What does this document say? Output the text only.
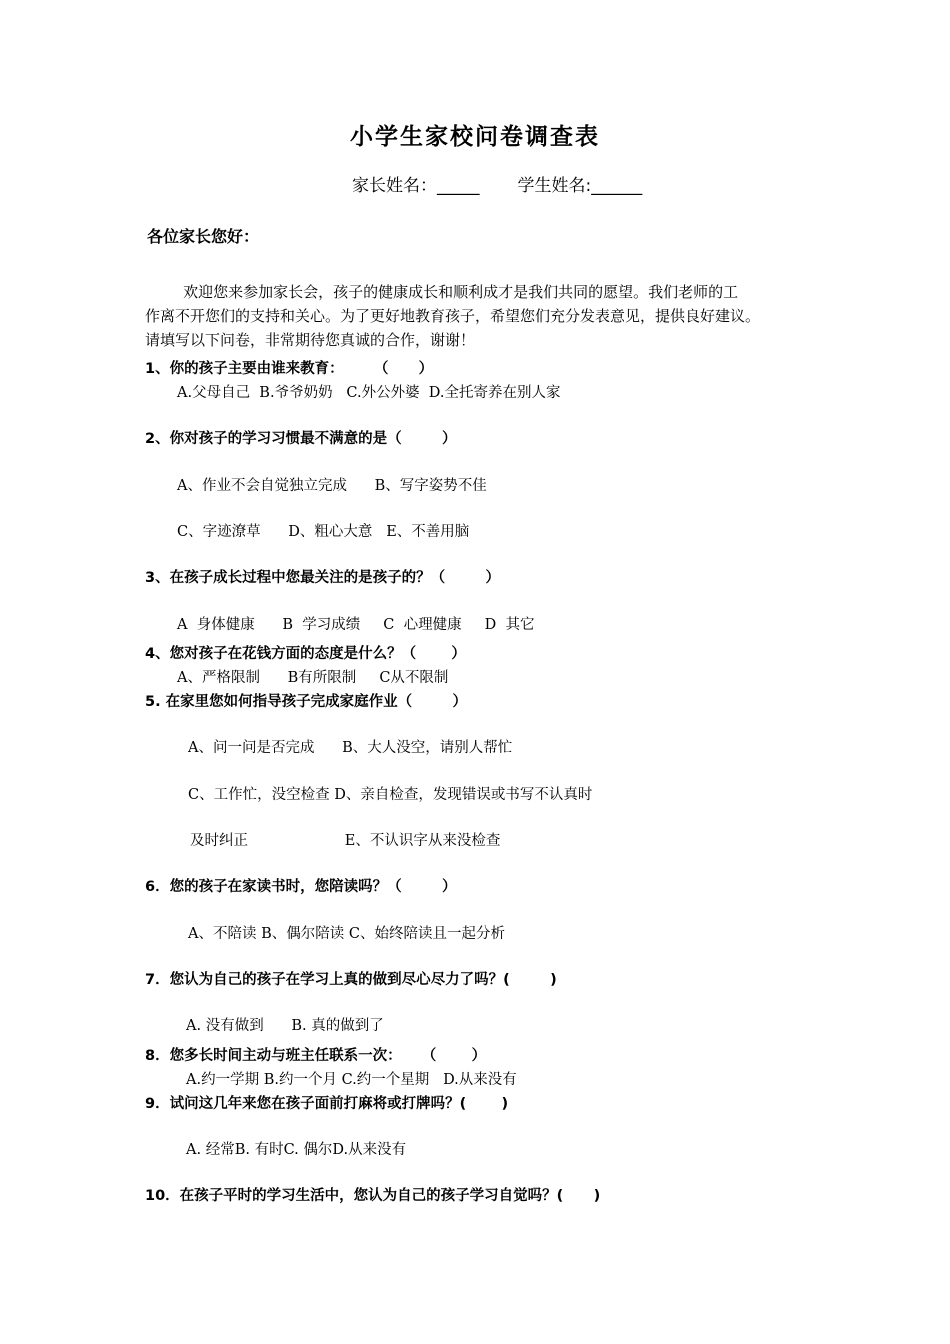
小学生家校问卷调查表
家长姓名：_____ 学生姓名:______
各位家长您好：
欢迎您来参加家长会，孩子的健康成长和顺利成才是我们共同的愿望。我们老师的工
作离不开您们的支持和关心。为了更好地教育孩子，希望您们充分发表意见，提供良好建议。
请填写以下问卷，非常期待您真诚的合作，谢谢！
1、你的孩子主要由谁来教育：      （      ）
A.父母自己  B.爷爷奶奶   C.外公外婆  D.全托寄养在别人家
2、你对孩子的学习习惯最不满意的是（        ）
A、作业不会自觉独立完成      B、写字姿势不佳
C、字迹潦草      D、粗心大意   E、不善用脑
3、在孩子成长过程中您最关注的是孩子的？（        ）
A  身体健康      B  学习成绩     C  心理健康     D  其它
4、您对孩子在花钱方面的态度是什么？（       ）
A、严格限制      B有所限制     C从不限制
5. 在家里您如何指导孩子完成家庭作业（        ）
A、问一问是否完成      B、大人没空，请别人帮忙
C、工作忙，没空检查 D、亲自检查，发现错误或书写不认真时
及时纠正                     E、不认识字从来没检查
6．您的孩子在家读书时，您陪读吗？（        ）
A、不陪读 B、偶尔陪读 C、始终陪读且一起分析
7．您认为自己的孩子在学习上真的做到尽心尽力了吗？(        )
A. 没有做到      B. 真的做到了
8．您多长时间主动与班主任联系一次：    （       ）
A.约一学期 B.约一个月 C.约一个星期   D.从来没有
9．试问这几年来您在孩子面前打麻将或打牌吗？(       )
A. 经常B. 有时C. 偶尔D.从来没有
10．在孩子平时的学习生活中，您认为自己的孩子学习自觉吗？(      )
